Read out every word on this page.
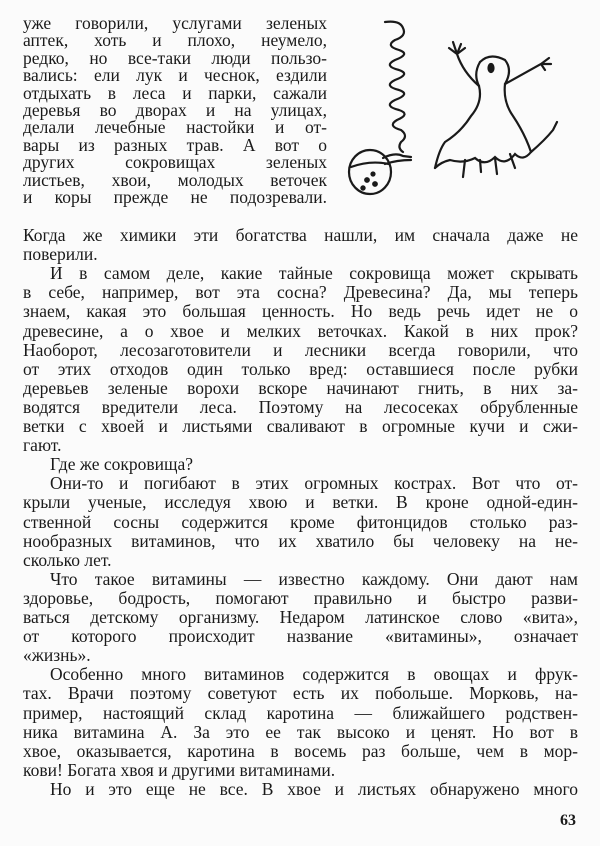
63
уже говорили, услугами зеленых
аптек, хоть и плохо, неумело,
редко, но все-таки люди пользо-
вались: ели лук и чеснок, ездили
отдыхать в леса и парки, сажали
деревья во дворах и на улицах,
делали лечебные настойки и от-
вары из разных трав. А вот о
других сокровищах зеленых
листьев, хвои, молодых веточек
и коры прежде не подозревали.
Когда же химики эти богатства нашли, им сначала даже не
поверили.
И в самом деле, какие тайные сокровища может скрывать
в себе, например, вот эта сосна? Древесина? Да, мы теперь
знаем, какая это большая ценность. Но ведь речь идет не о
древесине, а о хвое и мелких веточках. Какой в них прок?
Наоборот, лесозаготовители и лесники всегда говорили, что
от этих отходов один только вред: оставшиеся после рубки
деревьев зеленые ворохи вскоре начинают гнить, в них за-
водятся вредители леса. Поэтому на лесосеках обрубленные
ветки с хвоей и листьями сваливают в огромные кучи и сжи-
гают.
Где же сокровища?
Они-то и погибают в этих огромных кострах. Вот что от-
крыли ученые, исследуя хвою и ветки. В кроне одной-един-
ственной сосны содержится кроме фитонцидов столько раз-
нообразных витаминов, что их хватило бы человеку на не-
сколько лет.
Что такое витамины — известно каждому. Они дают нам
здоровье, бодрость, помогают правильно и быстро разви-
ваться детскому организму. Недаром латинское слово «вита»,
от которого происходит название «витамины», означает
«жизнь».
Особенно много витаминов содержится в овощах и фрук-
тах. Врачи поэтому советуют есть их побольше. Морковь, на-
пример, настоящий склад каротина — ближайшего родствен-
ника витамина А. За это ее так высоко и ценят. Но вот в
хвое, оказывается, каротина в восемь раз больше, чем в мор-
кови! Богата хвоя и другими витаминами.
Но и это еще не все. В хвое и листьях обнаружено много
